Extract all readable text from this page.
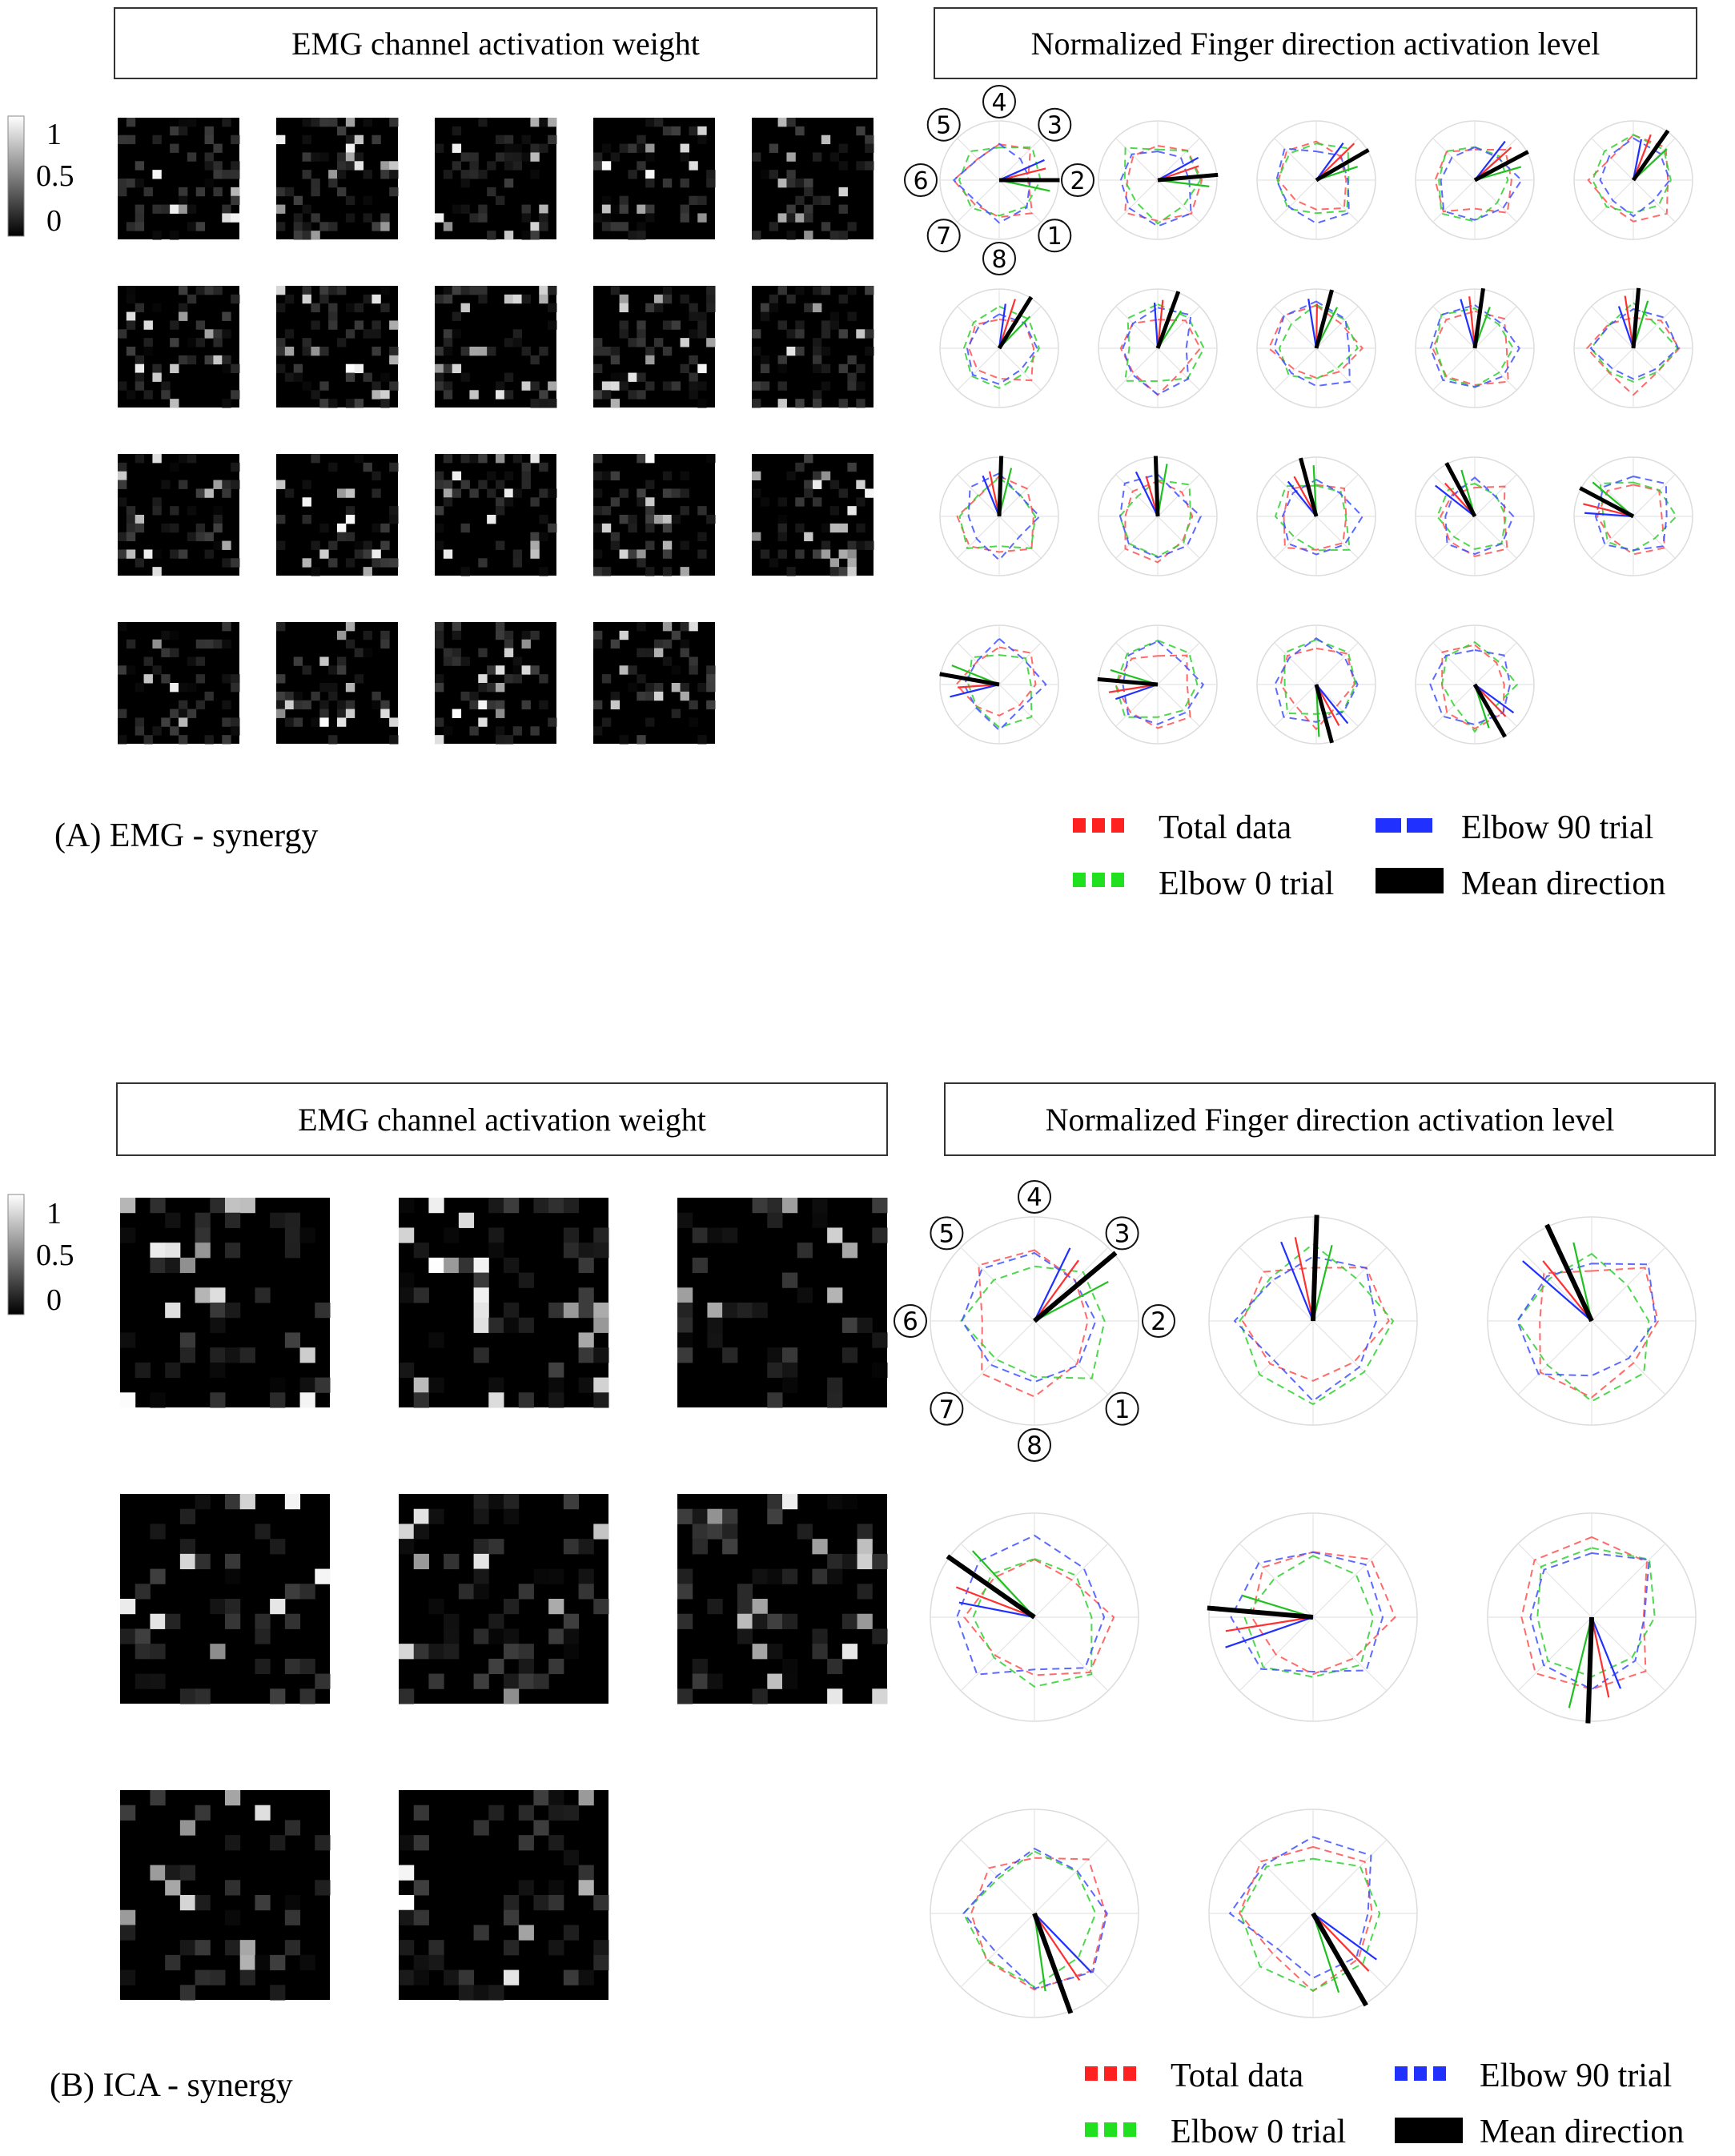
EMG channel activation weight	Normalized Finger direction activation level
1
0.5
0	1
2
3
4
5
6
7
8
(A) EMG - synergy	Total data	Elbow 90 trial
Elbow 0 trial	Mean direction
EMG channel activation weight	Normalized Finger direction activation level
1
0.5
0
1
2
3
4
5
6
7
8
(B) ICA - synergy	Total data	Elbow 90 trial
Elbow 0 trial	Mean direction
